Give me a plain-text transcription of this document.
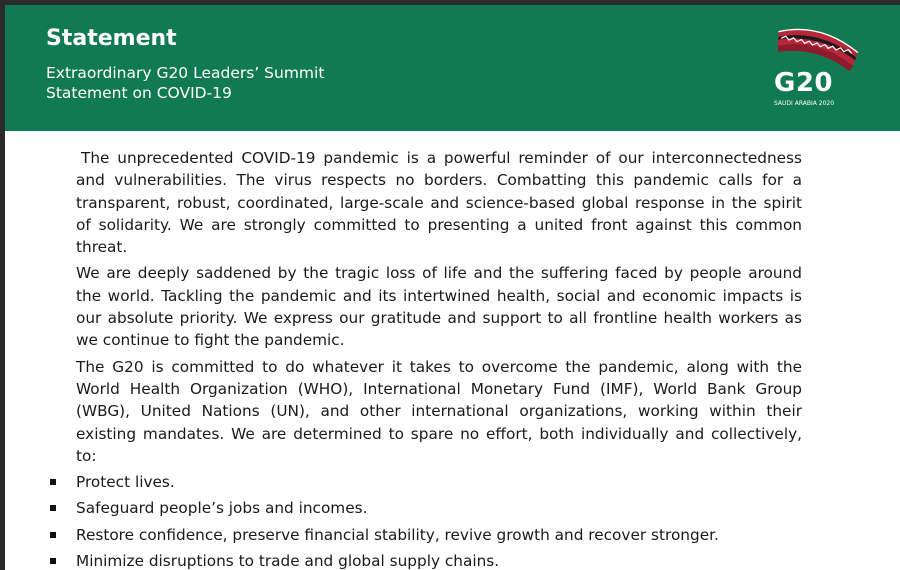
Statement
Extraordinary G20 Leaders’ Summit
Statement on COVID-19	G20
SAUDI ARABIA 2020

The unprecedented COVID-19 pandemic is a powerful reminder of our interconnectedness and vulnerabilities. The virus respects no borders. Combatting this pandemic calls for a transparent, robust, coordinated, large-scale and science-based global response in the spirit of solidarity. We are strongly committed to presenting a united front against this common threat.

We are deeply saddened by the tragic loss of life and the suffering faced by people around the world. Tackling the pandemic and its intertwined health, social and economic impacts is our absolute priority. We express our gratitude and support to all frontline health workers as we continue to fight the pandemic.

The G20 is committed to do whatever it takes to overcome the pandemic, along with the World Health Organization (WHO), International Monetary Fund (IMF), World Bank Group (WBG), United Nations (UN), and other international organizations, working within their existing mandates. We are determined to spare no effort, both individually and collectively, to:

Protect lives.
Safeguard people’s jobs and incomes.
Restore confidence, preserve financial stability, revive growth and recover stronger.
Minimize disruptions to trade and global supply chains.
